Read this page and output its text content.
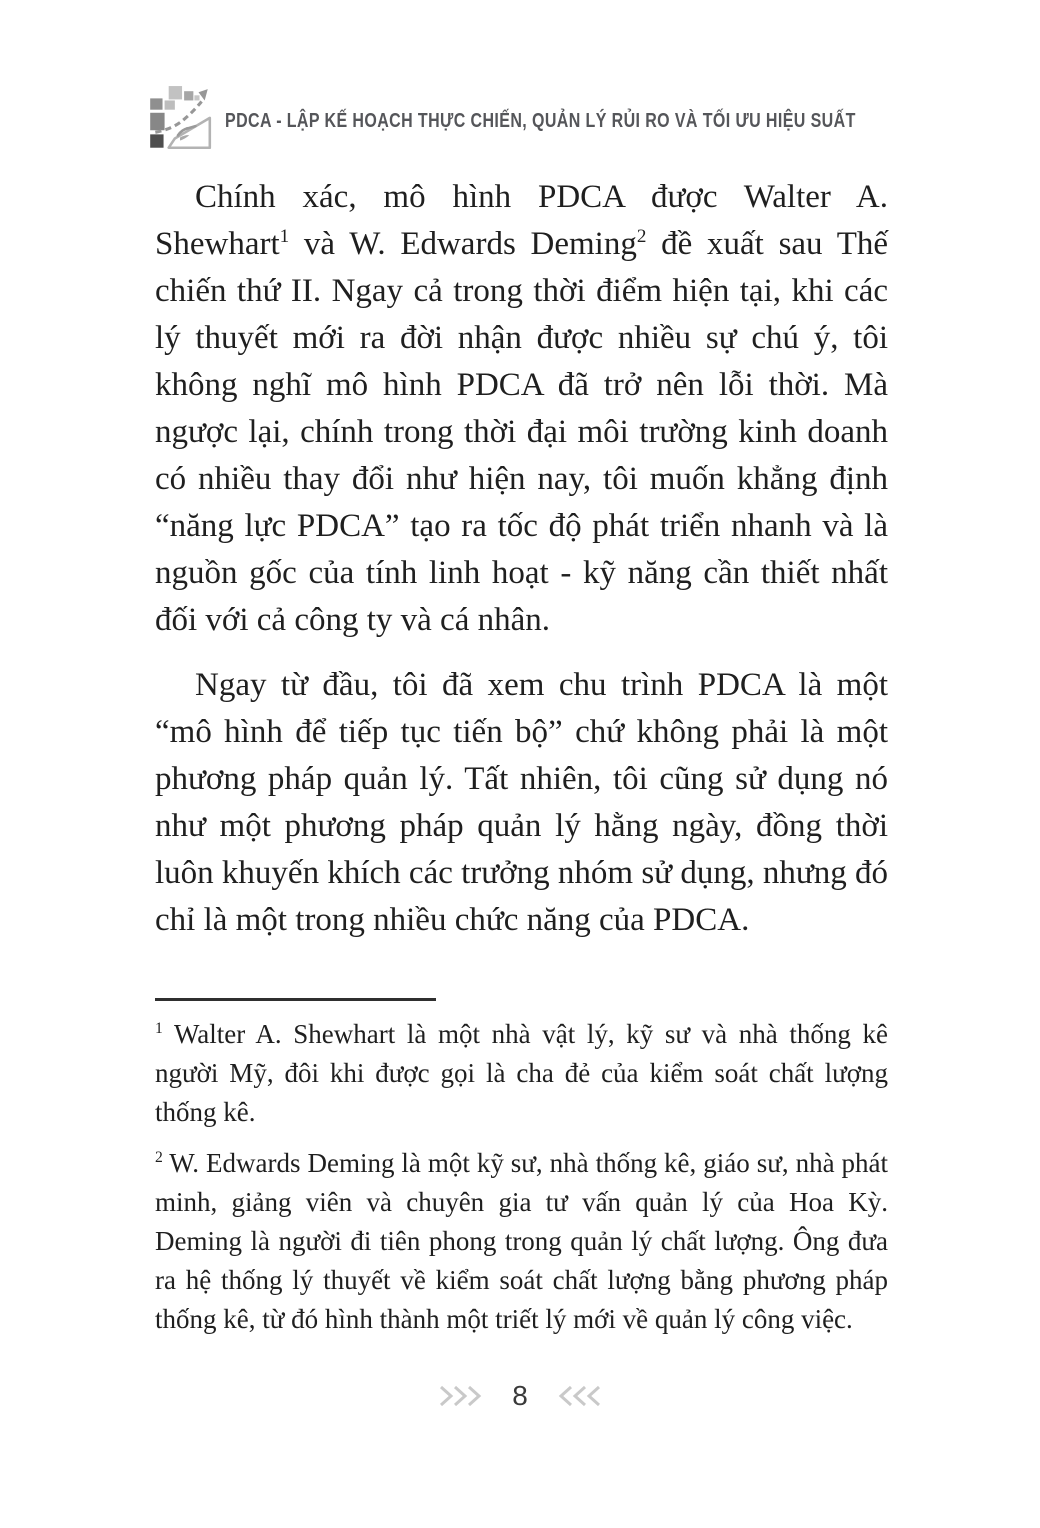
PDCA - LẬP KẾ HOẠCH THỰC CHIẾN, QUẢN LÝ RỦI RO VÀ TỐI ƯU HIỆU SUẤT

Chính xác, mô hình PDCA được Walter A. Shewhart$^1$ và W. Edwards Deming$^2$ đề xuất sau Thế chiến thứ II. Ngay cả trong thời điểm hiện tại, khi các lý thuyết mới ra đời nhận được nhiều sự chú ý, tôi không nghĩ mô hình PDCA đã trở nên lỗi thời. Mà ngược lại, chính trong thời đại môi trường kinh doanh có nhiều thay đổi như hiện nay, tôi muốn khẳng định “năng lực PDCA” tạo ra tốc độ phát triển nhanh và là nguồn gốc của tính linh hoạt - kỹ năng cần thiết nhất đối với cả công ty và cá nhân.

Ngay từ đầu, tôi đã xem chu trình PDCA là một “mô hình để tiếp tục tiến bộ” chứ không phải là một phương pháp quản lý. Tất nhiên, tôi cũng sử dụng nó như một phương pháp quản lý hằng ngày, đồng thời luôn khuyến khích các trưởng nhóm sử dụng, nhưng đó chỉ là một trong nhiều chức năng của PDCA.

$^1$ Walter A. Shewhart là một nhà vật lý, kỹ sư và nhà thống kê người Mỹ, đôi khi được gọi là cha đẻ của kiểm soát chất lượng thống kê.

$^2$ W. Edwards Deming là một kỹ sư, nhà thống kê, giáo sư, nhà phát minh, giảng viên và chuyên gia tư vấn quản lý của Hoa Kỳ. Deming là người đi tiên phong trong quản lý chất lượng. Ông đưa ra hệ thống lý thuyết về kiểm soát chất lượng bằng phương pháp thống kê, từ đó hình thành một triết lý mới về quản lý công việc.

8
